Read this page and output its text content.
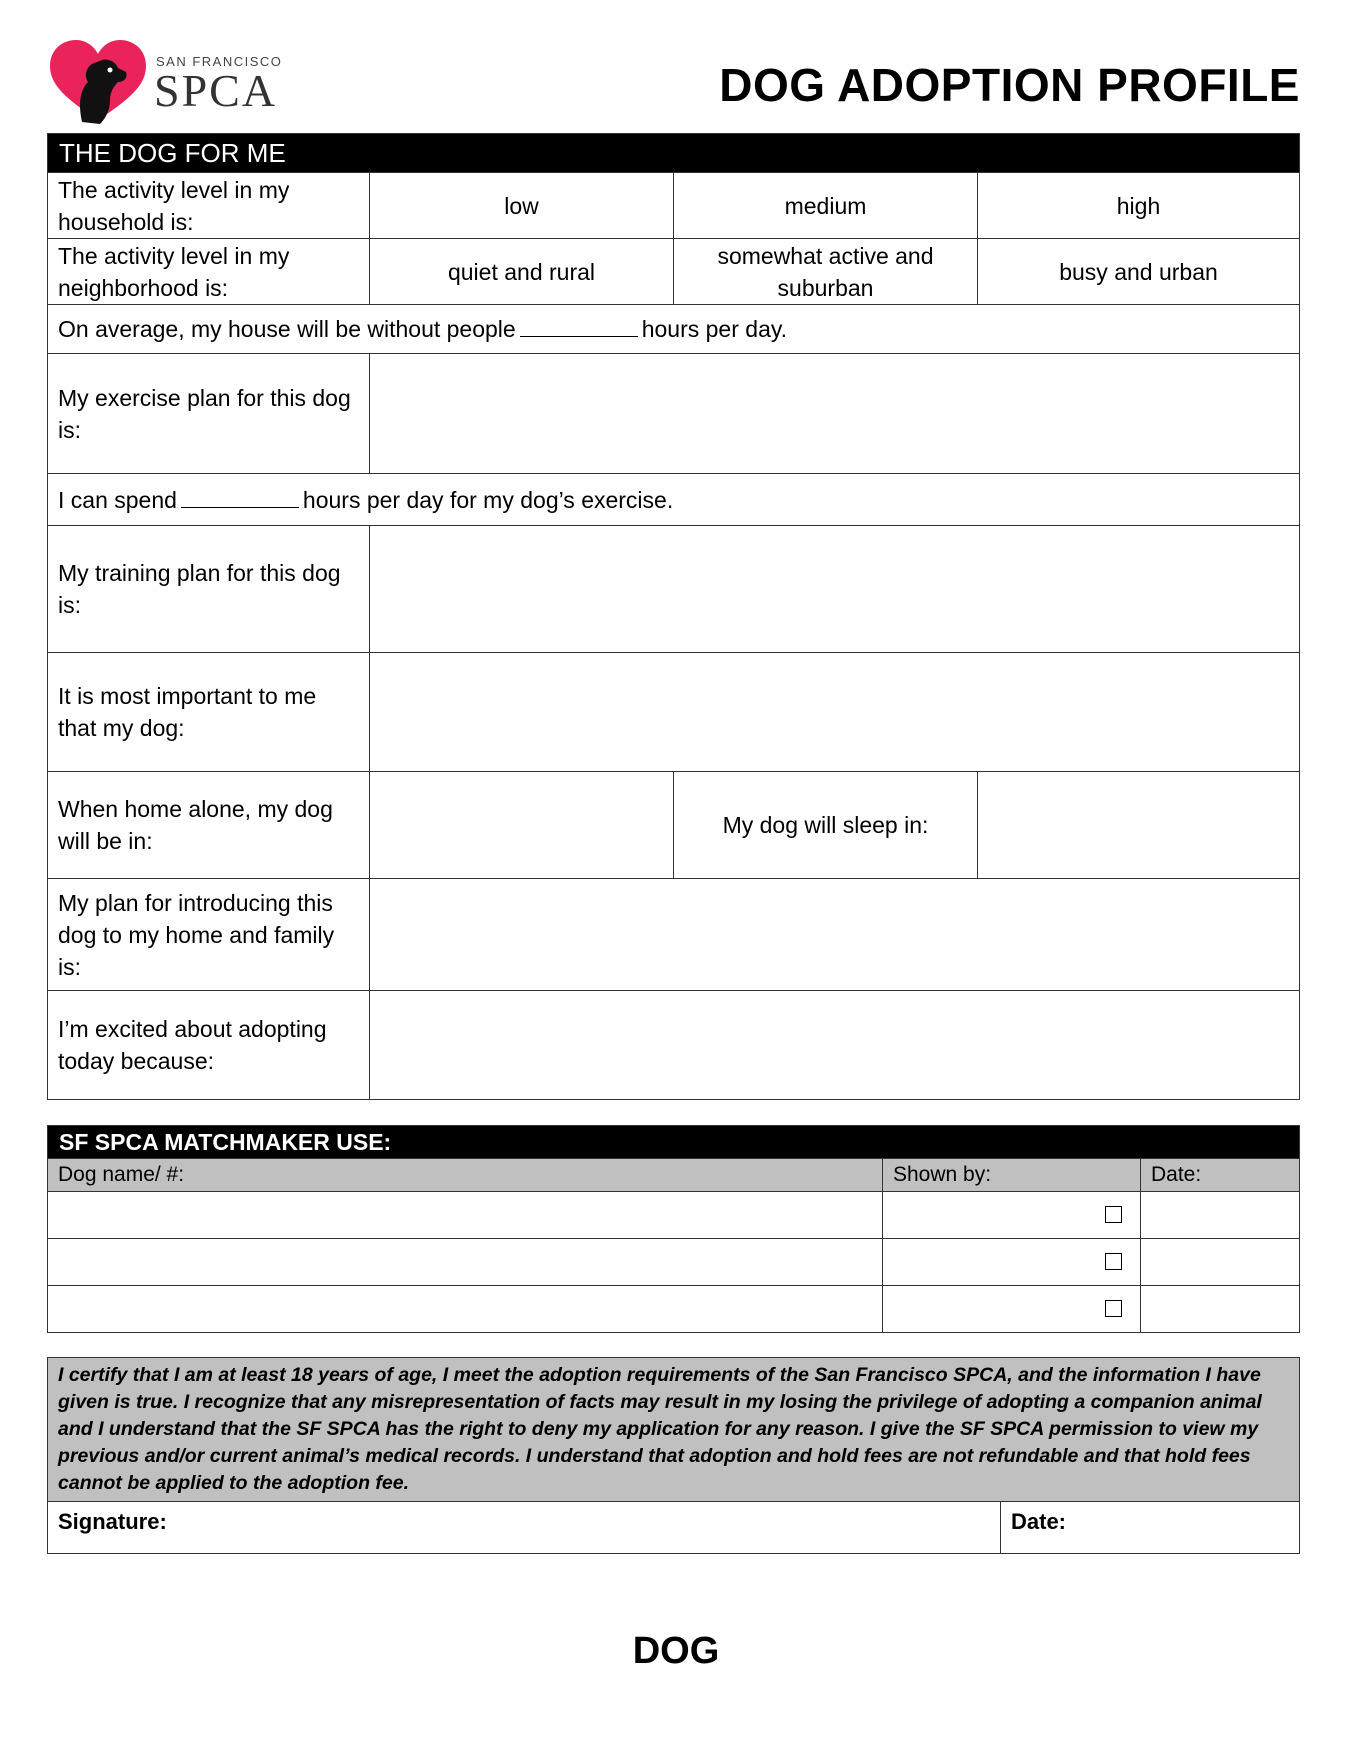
SAN FRANCISCO
SPCA	DOG ADOPTION PROFILE
THE DOG FOR ME			
The activity level in my household is:	low	medium	high
The activity level in my neighborhood is:	quiet and rural	somewhat active and suburban	busy and urban
On average, my house will be without people hours per day.			
My exercise plan for this dog is:			
I can spend hours per day for my dog’s exercise.			
My training plan for this dog is:			
It is most important to me that my dog:			
When home alone, my dog will be in:		My dog will sleep in:	
My plan for introducing this dog to my home and family is:			
I’m excited about adopting today because:			
SF SPCA MATCHMAKER USE:		
Dog name/ #:	Shown by:	Date:

I certify that I am at least 18 years of age, I meet the adoption requirements of the San Francisco SPCA, and the information I have given is true. I recognize that any misrepresentation of facts may result in my losing the privilege of adopting a companion animal and I understand that the SF SPCA has the right to deny my application for any reason. I give the SF SPCA permission to view my previous and/or current animal’s medical records. I understand that adoption and hold fees are not refundable and that hold fees cannot be applied to the adoption fee.
Signature:	Date:
DOG
